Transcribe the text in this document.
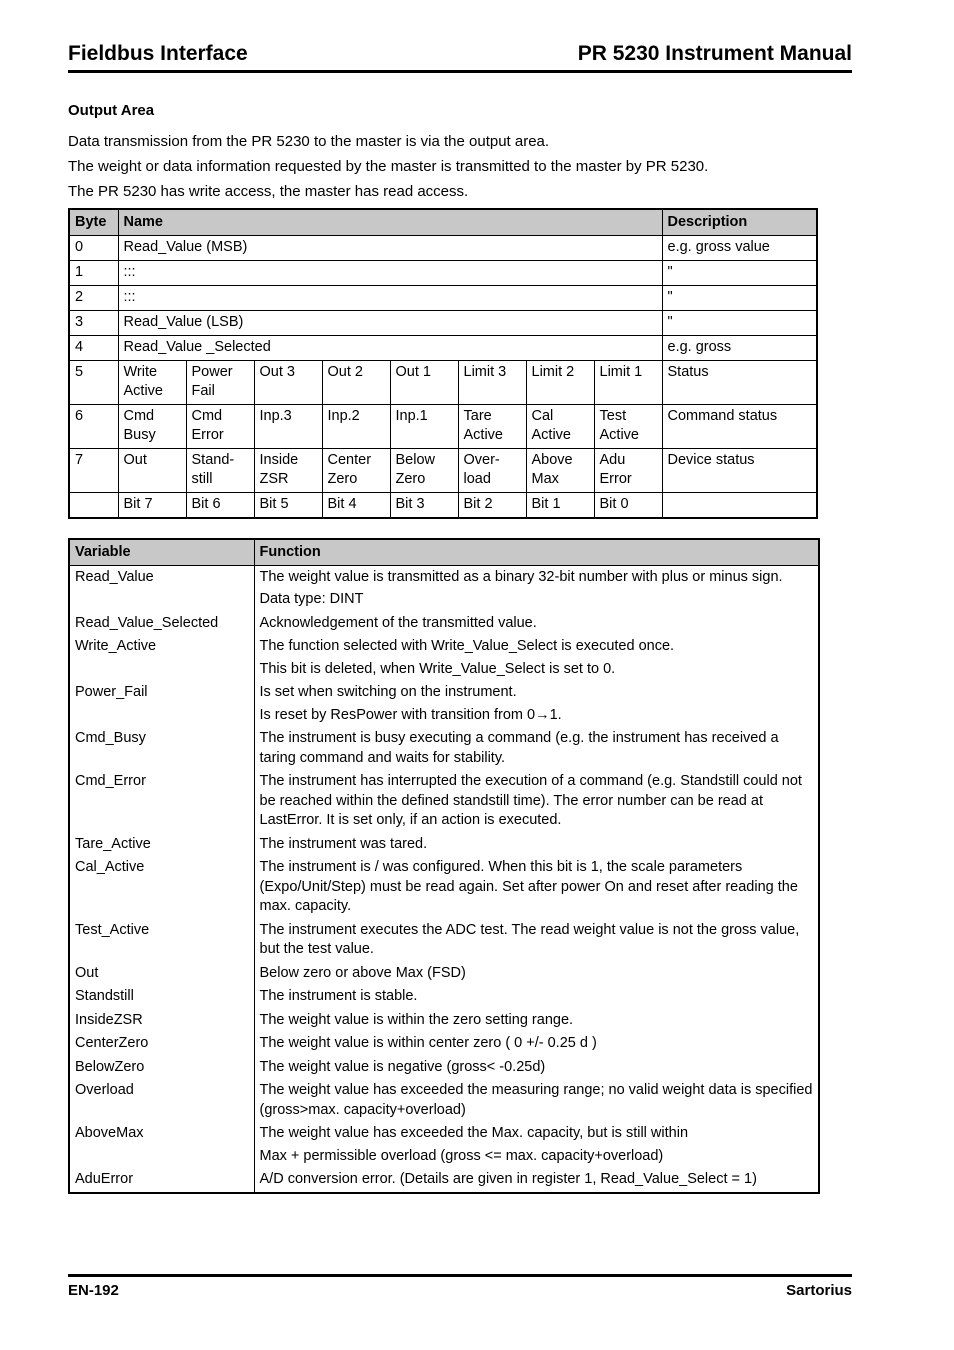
Fieldbus Interface	PR 5230 Instrument Manual
Output Area
Data transmission from the PR 5230 to the master is via the output area.
The weight or data information requested by the master is transmitted to the master by PR 5230.
The PR 5230 has write access, the master has read access.
Byte	Name								Description
0	Read_Value (MSB)								e.g. gross value
1	:::								"
2	:::								"
3	Read_Value (LSB)								"
4	Read_Value _Selected								e.g. gross
5	Write Active	Power Fail	Out 3	Out 2	Out 1	Limit 3	Limit 2	Limit 1	Status
6	Cmd Busy	Cmd Error	Inp.3	Inp.2	Inp.1	Tare Active	Cal Active	Test Active	Command status
7	Out	Stand-still	Inside ZSR	Center Zero	Below Zero	Over-load	Above Max	Adu Error	Device status
	Bit 7	Bit 6	Bit 5	Bit 4	Bit 3	Bit 2	Bit 1	Bit 0	
Variable	Function
Read_Value	The weight value is transmitted as a binary 32-bit number with plus or minus sign.
Data type: DINT

Read_Value_Selected	Acknowledgement of the transmitted value.

Write_Active	The function selected with Write_Value_Select is executed once.
This bit is deleted, when Write_Value_Select is set to 0.

Power_Fail	Is set when switching on the instrument.
Is reset by ResPower with transition from 0→1.

Cmd_Busy	The instrument is busy executing a command (e.g. the instrument has received a taring command and waits for stability.

Cmd_Error	The instrument has interrupted the execution of a command (e.g. Standstill could not be reached within the defined standstill time). The error number can be read at LastError. It is set only, if an action is executed.

Tare_Active	The instrument was tared.

Cal_Active	The instrument is / was configured. When this bit is 1, the scale parameters (Expo/Unit/Step) must be read again. Set after power On and reset after reading the max. capacity.

Test_Active	The instrument executes the ADC test. The read weight value is not the gross value, but the test value.

Out	Below zero or above Max (FSD)

Standstill	The instrument is stable.

InsideZSR	The weight value is within the zero setting range.

CenterZero	The weight value is within center zero ( 0 +/- 0.25 d )

BelowZero	The weight value is negative (gross< -0.25d)

Overload	The weight value has exceeded the measuring range; no valid weight data is specified (gross>max. capacity+overload)

AboveMax	The weight value has exceeded the Max. capacity, but is still within
Max + permissible overload (gross <= max. capacity+overload)

AduError	A/D conversion error. (Details are given in register 1, Read_Value_Select = 1)
EN-192	Sartorius
